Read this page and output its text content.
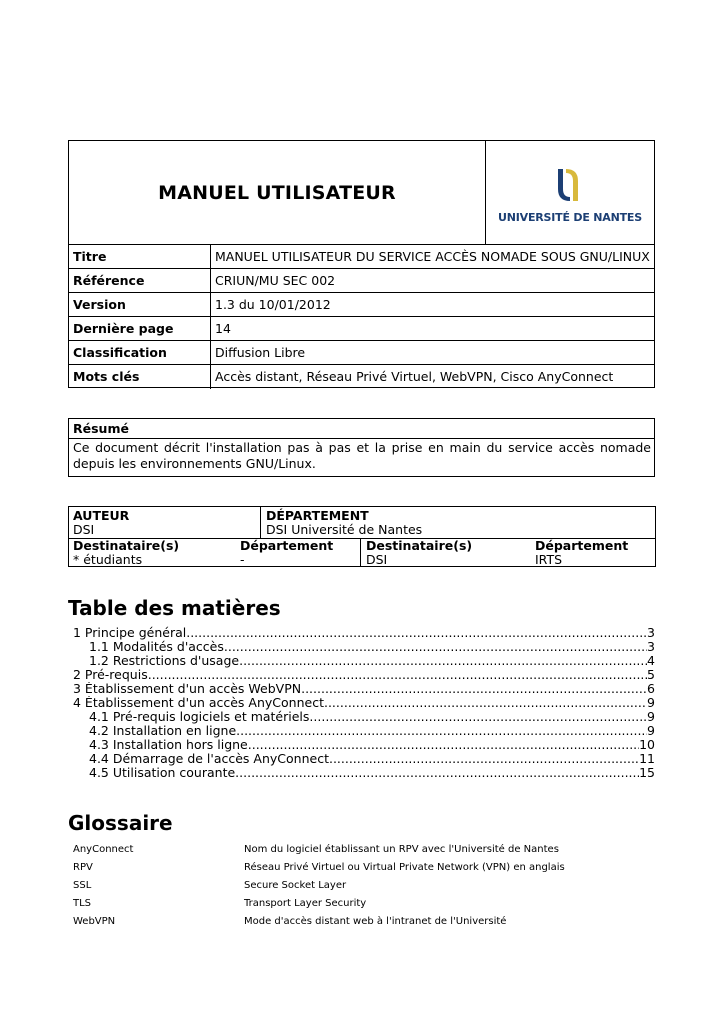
MANUEL UTILISATEUR
UNIVERSITÉ DE NANTES
Titre	MANUEL UTILISATEUR DU SERVICE ACCÈS NOMADE SOUS GNU/LINUX
Référence	CRIUN/MU SEC 002
Version	1.3 du 10/01/2012
Dernière page	14
Classification	Diffusion Libre
Mots clés	Accès distant, Réseau Privé Virtuel, WebVPN, Cisco AnyConnect
Résumé
Ce document décrit l'installation pas à pas et la prise en main du service accès nomade depuis les environnements GNU/Linux.
AUTEUR
DSI
DÉPARTEMENT
DSI Université de Nantes
Destinataire(s)	Département
* étudiants	-
Destinataire(s)	Département
DSI	IRTS
Table des matières
1 Principe général .....	3
1.1 Modalités d'accès .....	3
1.2 Restrictions d'usage .....	4
2 Pré-requis .....	5
3 Établissement d'un accès WebVPN .....	6
4 Établissement d'un accès AnyConnect .....	9
4.1 Pré-requis logiciels et matériels .....	9
4.2 Installation en ligne .....	9
4.3 Installation hors ligne .....	10
4.4 Démarrage de l'accès AnyConnect .....	11
4.5 Utilisation courante .....	15
Glossaire
AnyConnect	Nom du logiciel établissant un RPV avec l'Université de Nantes
RPV	Réseau Privé Virtuel ou Virtual Private Network (VPN) en anglais
SSL	Secure Socket Layer
TLS	Transport Layer Security
WebVPN	Mode d'accès distant web à l'intranet de l'Université
